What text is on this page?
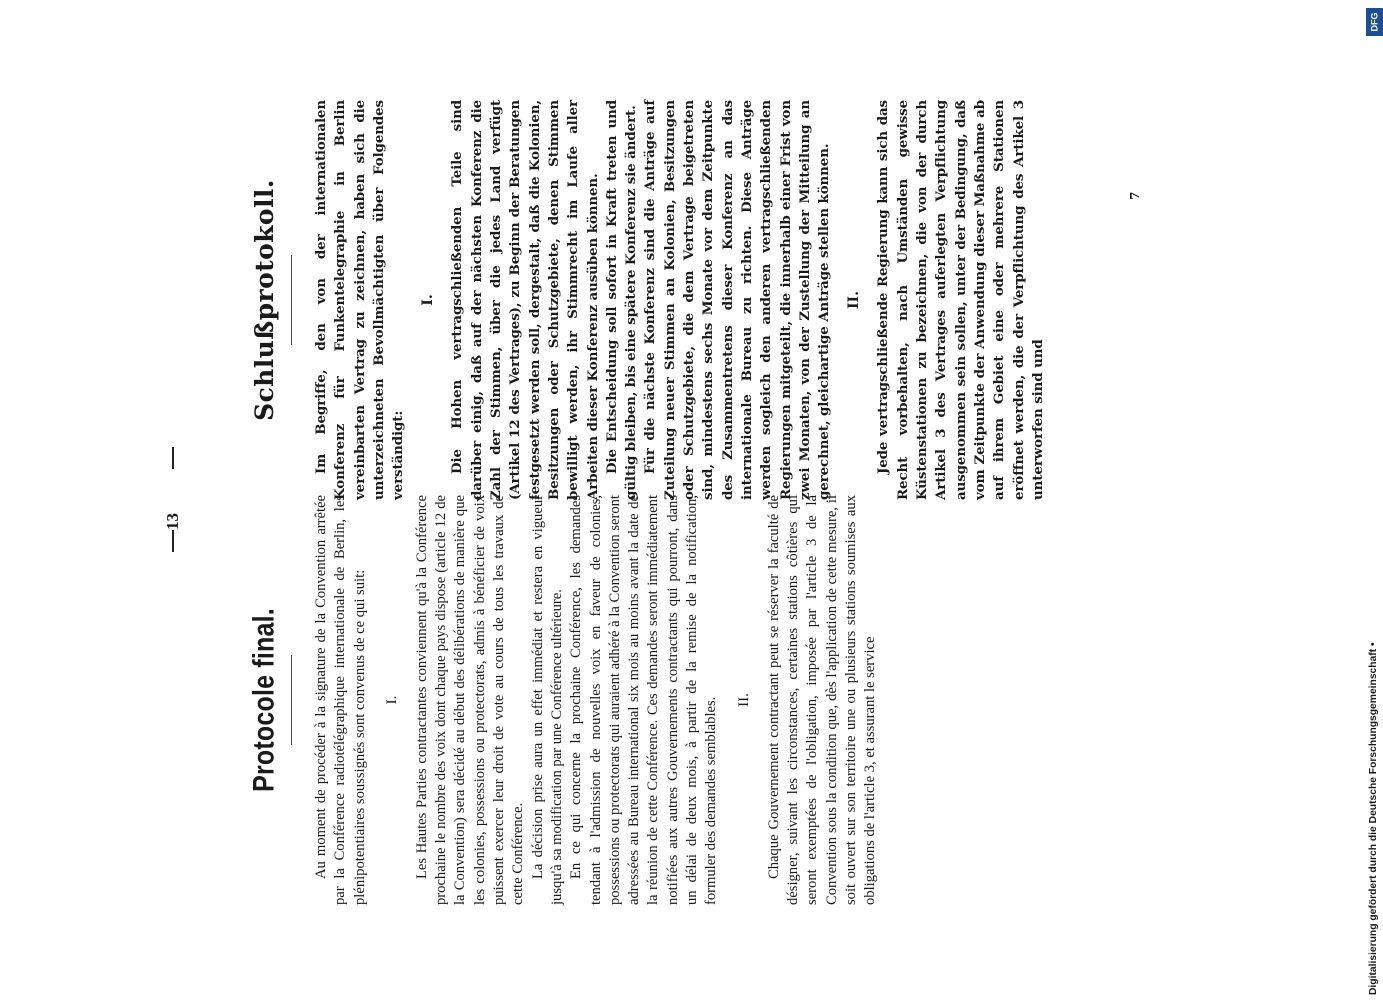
13
Protocole final. Au moment de procéder à la signature de la Convention arrêtée par la Conférence radiotélégraphique internationale de Berlin, les plénipotentiaires soussignés sont convenus de ce qui suit: I. Les Hautes Parties contractantes conviennent qu'à la Conférence prochaine le nombre des voix dont chaque pays dispose (article 12 de la Convention) sera décidé au début des délibérations de manière que les colonies, possessions ou protectorats, admis à bénéficier de voix puissent exercer leur droit de vote au cours de tous les travaux de cette Conférence. La décision prise aura un effet immédiat et restera en vigueur jusqu'à sa modification par une Conférence ultérieure. En ce qui concerne la prochaine Conférence, les demandes tendant à l'admission de nouvelles voix en faveur de colonies, possessions ou protectorats qui auraient adhéré à la Convention seront adressées au Bureau international six mois au moins avant la date de la réunion de cette Conférence. Ces demandes seront immédiatement notifiées aux autres Gouvernements contractants qui pourront, dans un délai de deux mois, à partir de la remise de la notification, formuler des demandes semblables. II. Chaque Gouvernement contractant peut se réserver la faculté de désigner, suivant les circonstances, certaines stations côtières qui seront exemptées de l'obligation, imposée par l'article 3 de la Convention sous la condition que, dès l'application de cette mesure, il soit ouvert sur son territoire une ou plusieurs stations soumises aux obligations de l'article 3, et assurant le service

Schlußprotokoll.	Im Begriffe, den von der internationalen Konferenz für Funkentelegraphie in Berlin vereinbarten Vertrag zu zeichnen, haben sich die unterzeichneten Bevollmächtigten über Folgendes verständigt:

I. Die Hohen vertragschließenden Teile sind darüber einig, daß auf der nächsten Konferenz die Zahl der Stimmen, über die jedes Land verfügt (Artikel 12 des Vertrages), zu Beginn der Beratungen festgesetzt werden soll, dergestalt, daß die Kolonien, Besitzungen oder Schutzgebiete, denen Stimmen bewilligt werden, ihr Stimmrecht im Laufe aller Arbeiten dieser Konferenz ausüben können. Die Entscheidung soll sofort in Kraft treten und gültig bleiben, bis eine spätere Konferenz sie ändert. Für die nächste Konferenz sind die Anträge auf Zuteilung neuer Stimmen an Kolonien, Besitzungen oder Schutzgebiete, die dem Vertrage beigetreten sind, mindestens sechs Monate vor dem Zeitpunkte des Zusammentretens dieser Konferenz an das internationale Bureau zu richten. Diese Anträge werden sogleich den anderen vertragschließenden Regierungen mitgeteilt, die innerhalb einer Frist von zwei Monaten, von der Zustellung der Mitteilung an gerechnet, gleichartige Anträge stellen können. II. Jede vertragschließende Regierung kann sich das Recht vorbehalten, nach Umständen gewisse Küstenstationen zu bezeichnen, die von der durch Artikel 3 des Vertrages auferlegten Verpflichtung ausgenommen sein sollen, unter der Bedingung, daß vom Zeitpunkte der Anwendung dieser Maßnahme ab auf ihrem Gebiet eine oder mehrere Stationen eröffnet werden, die der Verpflichtung des Artikel 3 unterworfen sind und

7
Digitalisierung gefördert durch die Deutsche Forschungsgemeinschaft •
DFG
